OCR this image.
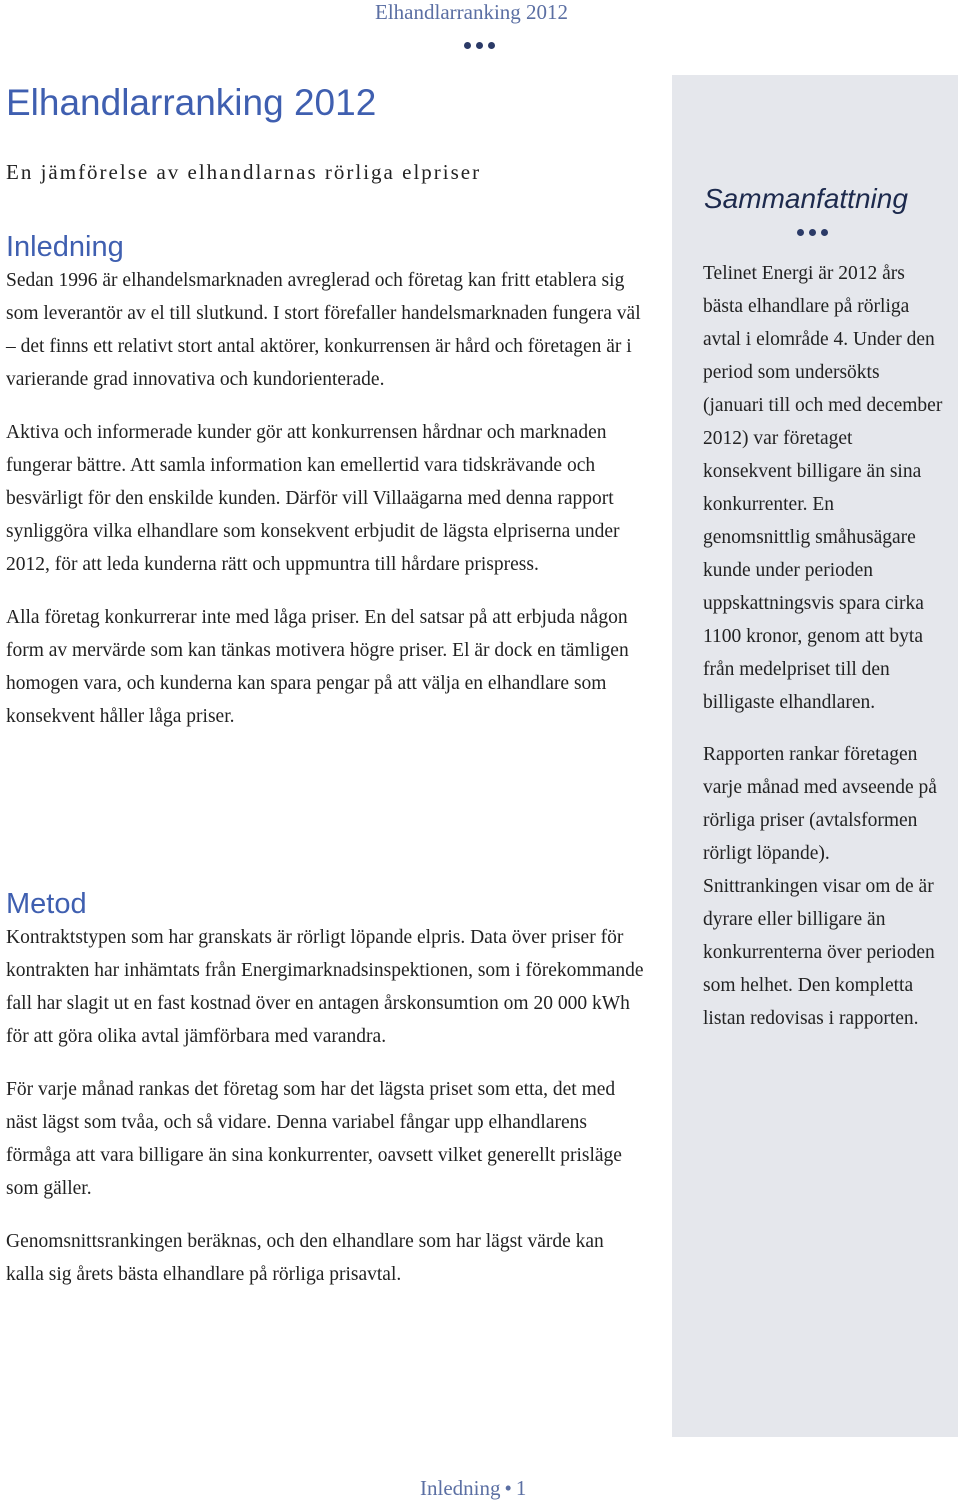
Elhandlarranking 2012
Elhandlarranking 2012
En jämförelse av elhandlarnas rörliga elpriser
Inledning

Sedan 1996 är elhandelsmarknaden avreglerad och företag kan fritt etablera sig som leverantör av el till slutkund. I stort förefaller handelsmarknaden fungera väl – det finns ett relativt stort antal aktörer, konkurrensen är hård och företagen är i varierande grad innovativa och kundorienterade.

Aktiva och informerade kunder gör att konkurrensen hårdnar och marknaden fungerar bättre. Att samla information kan emellertid vara tidskrävande och besvärligt för den enskilde kunden. Därför vill Villaägarna med denna rapport synliggöra vilka elhandlare som konsekvent erbjudit de lägsta elpriserna under 2012, för att leda kunderna rätt och uppmuntra till hårdare prispress.

Alla företag konkurrerar inte med låga priser. En del satsar på att erbjuda någon form av mervärde som kan tänkas motivera högre priser. El är dock en tämligen homogen vara, och kunderna kan spara pengar på att välja en elhandlare som konsekvent håller låga priser.

Metod

Kontraktstypen som har granskats är rörligt löpande elpris. Data över priser för kontrakten har inhämtats från Energimarknadsinspektionen, som i förekommande fall har slagit ut en fast kostnad över en antagen årskonsumtion om 20 000 kWh för att göra olika avtal jämförbara med varandra.

För varje månad rankas det företag som har det lägsta priset som etta, det med näst lägst som tvåa, och så vidare. Denna variabel fångar upp elhandlarens förmåga att vara billigare än sina konkurrenter, oavsett vilket generellt prisläge som gäller.

Genomsnittsrankingen beräknas, och den elhandlare som har lägst värde kan kalla sig årets bästa elhandlare på rörliga prisavtal.

Sammanfattning

Telinet Energi är 2012 års bästa elhandlare på rörliga avtal i elområde 4. Under den period som undersökts (januari till och med december 2012) var företaget konsekvent billigare än sina konkurrenter. En genomsnittlig småhusägare kunde under perioden uppskattningsvis spara cirka 1100 kronor, genom att byta från medelpriset till den billigaste elhandlaren.

Rapporten rankar företagen varje månad med avseende på rörliga priser (avtalsformen rörligt löpande). Snittrankingen visar om de är dyrare eller billigare än konkurrenterna över perioden som helhet. Den kompletta listan redovisas i rapporten.

Inledning • 1
